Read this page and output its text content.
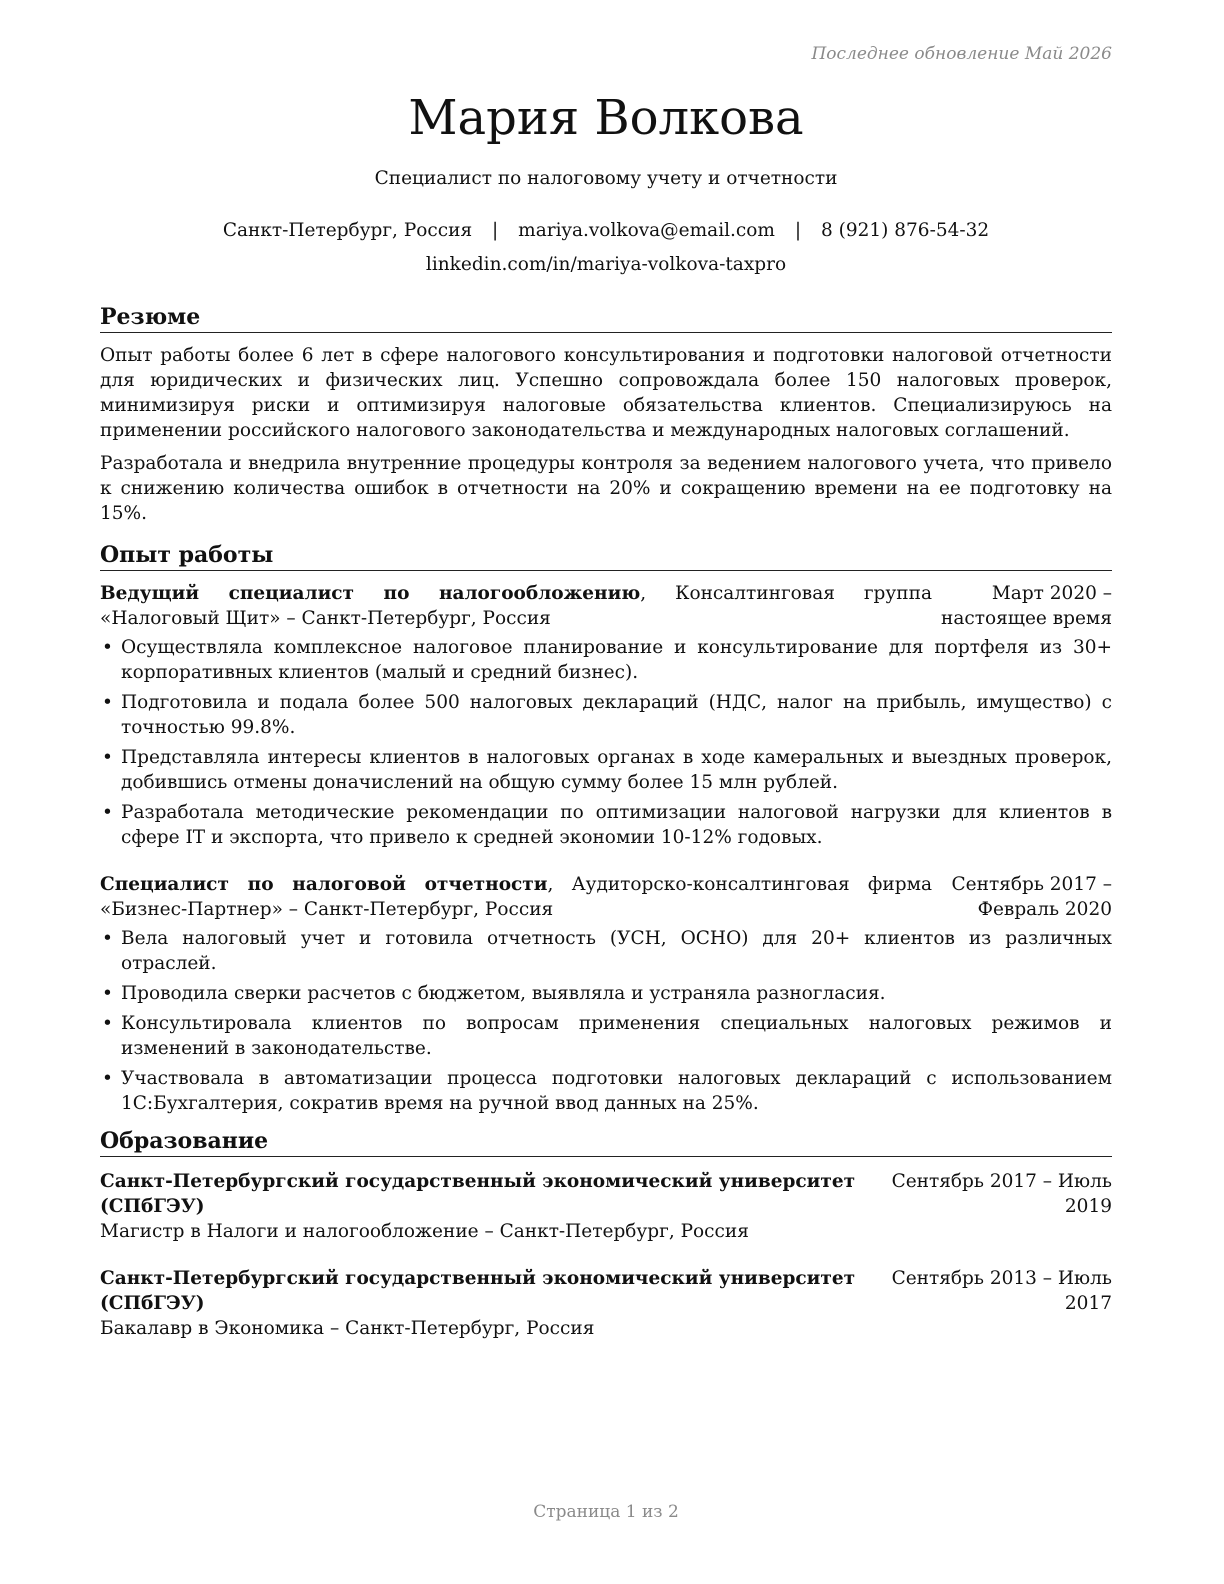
Последнее обновление Май 2026
Мария Волкова
Специалист по налоговому учету и отчетности
Санкт-Петербург, Россия | mariya.volkova@email.com | 8 (921) 876-54-32
linkedin.com/in/mariya-volkova-taxpro
Резюме

Опыт работы более 6 лет в сфере налогового консультирования и подготовки налоговой отчетности для юридических и физических лиц. Успешно сопровождала более 150 налоговых проверок, минимизируя риски и оптимизируя налоговые обязательства клиентов. Специализируюсь на применении российского налогового законодательства и международных налоговых соглашений.

Разработала и внедрила внутренние процедуры контроля за ведением налогового учета, что привело к снижению количества ошибок в отчетности на 20% и сокращению времени на ее подготовку на 15%.

Опыт работы
Ведущий специалист по налогообложению, Консалтинговая группа «Налоговый Щит» – Санкт-Петербург, Россия
Март 2020 – настоящее время
• Осуществляла комплексное налоговое планирование и консультирование для портфеля из 30+ корпоративных клиентов (малый и средний бизнес).
• Подготовила и подала более 500 налоговых деклараций (НДС, налог на прибыль, имущество) с точностью 99.8%.
• Представляла интересы клиентов в налоговых органах в ходе камеральных и выездных проверок, добившись отмены доначислений на общую сумму более 15 млн рублей.
• Разработала методические рекомендации по оптимизации налоговой нагрузки для клиентов в сфере IT и экспорта, что привело к средней экономии 10-12% годовых.
Специалист по налоговой отчетности, Аудиторско-консалтинговая фирма «Бизнес-Партнер» – Санкт-Петербург, Россия
Сентябрь 2017 – Февраль 2020
• Вела налоговый учет и готовила отчетность (УСН, ОСНО) для 20+ клиентов из различных отраслей.
• Проводила сверки расчетов с бюджетом, выявляла и устраняла разногласия.
• Консультировала клиентов по вопросам применения специальных налоговых режимов и изменений в законодательстве.
• Участвовала в автоматизации процесса подготовки налоговых деклараций с использованием 1С:Бухгалтерия, сократив время на ручной ввод данных на 25%.
Образование
Санкт-Петербургский государственный экономический университет (СПбГЭУ)
Магистр в Налоги и налогообложение – Санкт-Петербург, Россия
Сентябрь 2017 – Июль
2019
Санкт-Петербургский государственный экономический университет (СПбГЭУ)
Бакалавр в Экономика – Санкт-Петербург, Россия
Сентябрь 2013 – Июль
2017
Страница 1 из 2
